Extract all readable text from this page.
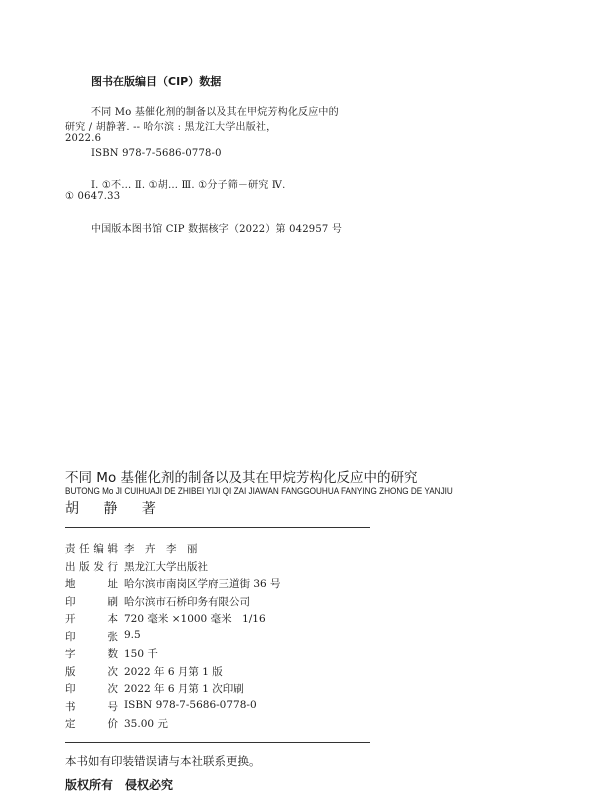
图书在版编目（CIP）数据
不同 Mo 基催化剂的制备以及其在甲烷芳构化反应中的
研究 / 胡静著. -- 哈尔滨 : 黑龙江大学出版社，
2022.6
ISBN 978-7-5686-0778-0
Ⅰ. ①不… Ⅱ. ①胡… Ⅲ. ①分子筛－研究 Ⅳ.
① 0647.33
中国版本图书馆 CIP 数据核字（2022）第 042957 号
不同 Mo 基催化剂的制备以及其在甲烷芳构化反应中的研究
BUTONG Mo JI CUIHUAJI DE ZHIBEI YIJI QI ZAI JIAWAN FANGGOUHUA FANYING ZHONG DE YANJIU
胡 静 著
责 任 编 辑 李　卉　李　丽
出 版 发 行 黑龙江大学出版社
地	址 哈尔滨市南岗区学府三道街 36 号
印	刷 哈尔滨市石桥印务有限公司
开	本 720 毫米 ×1000 毫米　1/16
印	张 9.5
字	数 150 千
版	次 2022 年 6 月第 1 版
印	次 2022 年 6 月第 1 次印刷
书	号 ISBN 978-7-5686-0778-0
定	价 35.00 元
本书如有印装错误请与本社联系更换。
版权所有　侵权必究
